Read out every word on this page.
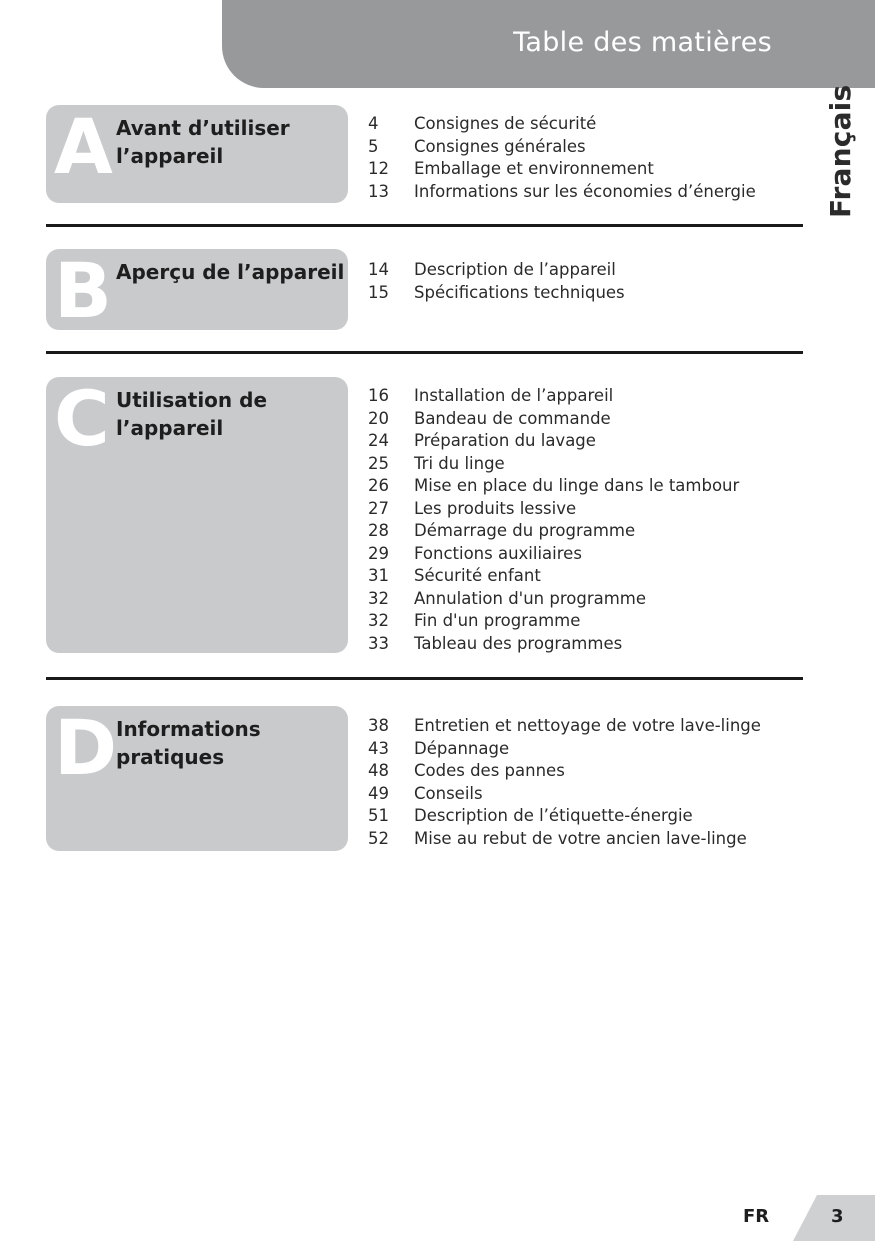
Table des matières
Français
A Avant d’utiliser
l’appareil
4 Consignes de sécurité
5 Consignes générales
12 Emballage et environnement
13 Informations sur les économies d’énergie
B Aperçu de l’appareil 14 Description de l’appareil
15 Spécifications techniques
C Utilisation de
l’appareil
16 Installation de l’appareil
20 Bandeau de commande
24 Préparation du lavage
25 Tri du linge
26 Mise en place du linge dans le tambour
27 Les produits lessive
28 Démarrage du programme
29 Fonctions auxiliaires
31 Sécurité enfant
32 Annulation d'un programme
32 Fin d'un programme
33 Tableau des programmes
D
Informations
pratiques
38 Entretien et nettoyage de votre lave-linge
43 Dépannage
48 Codes des pannes
49 Conseils
51 Description de l’étiquette-énergie
52 Mise au rebut de votre ancien lave-linge
FR	3
